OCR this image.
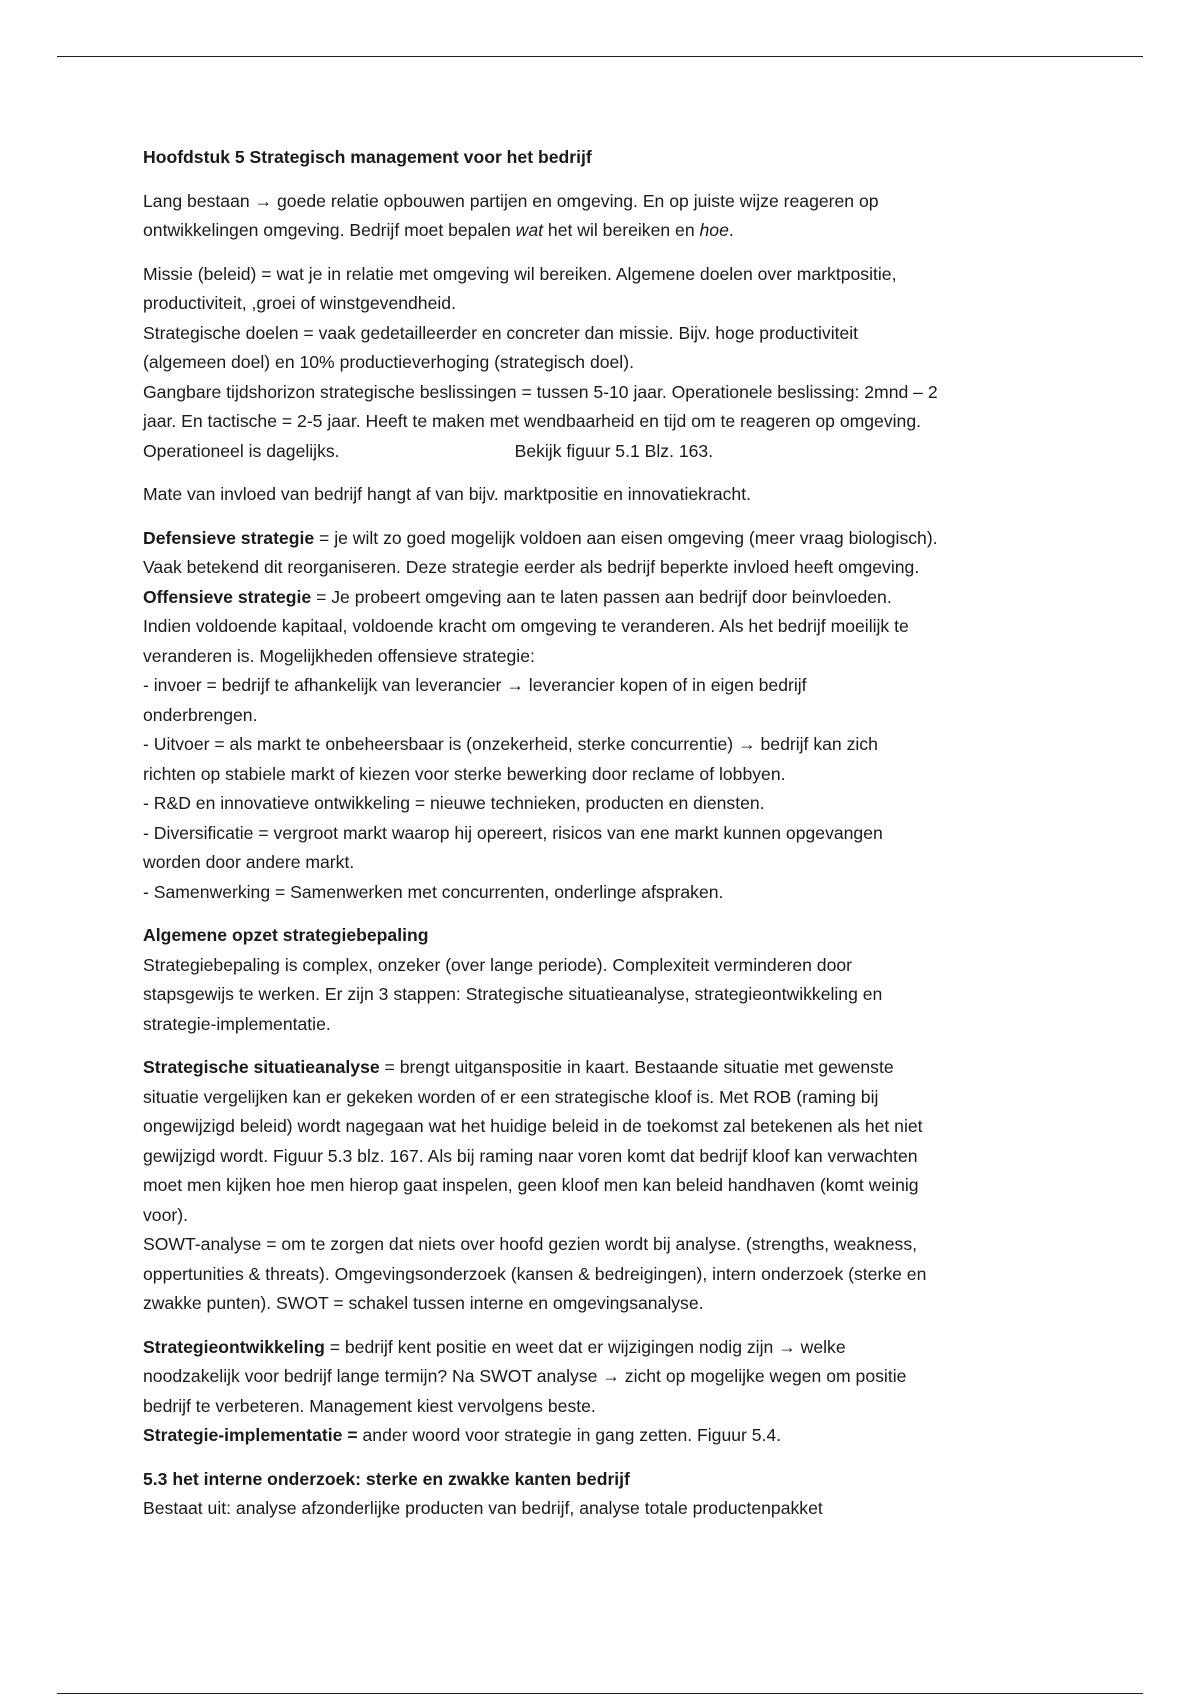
Hoofdstuk 5 Strategisch management voor het bedrijf

Lang bestaan → goede relatie opbouwen partijen en omgeving. En op juiste wijze reageren op
ontwikkelingen omgeving. Bedrijf moet bepalen wat het wil bereiken en hoe.

Missie (beleid) = wat je in relatie met omgeving wil bereiken. Algemene doelen over marktpositie,
productiviteit, ,groei of winstgevendheid.
Strategische doelen = vaak gedetailleerder en concreter dan missie. Bijv. hoge productiviteit
(algemeen doel) en 10% productieverhoging (strategisch doel).
Gangbare tijdshorizon strategische beslissingen = tussen 5-10 jaar. Operationele beslissing: 2mnd – 2
jaar. En tactische = 2-5 jaar. Heeft te maken met wendbaarheid en tijd om te reageren op omgeving.
Operationeel is dagelijks.	Bekijk figuur 5.1 Blz. 163.

Mate van invloed van bedrijf hangt af van bijv. marktpositie en innovatiekracht.

Defensieve strategie = je wilt zo goed mogelijk voldoen aan eisen omgeving (meer vraag biologisch).
Vaak betekend dit reorganiseren. Deze strategie eerder als bedrijf beperkte invloed heeft omgeving.
Offensieve strategie = Je probeert omgeving aan te laten passen aan bedrijf door beinvloeden.
Indien voldoende kapitaal, voldoende kracht om omgeving te veranderen. Als het bedrijf moeilijk te
veranderen is. Mogelijkheden offensieve strategie:
- invoer = bedrijf te afhankelijk van leverancier → leverancier kopen of in eigen bedrijf
onderbrengen.
- Uitvoer = als markt te onbeheersbaar is (onzekerheid, sterke concurrentie) → bedrijf kan zich
richten op stabiele markt of kiezen voor sterke bewerking door reclame of lobbyen.
- R&D en innovatieve ontwikkeling = nieuwe technieken, producten en diensten.
- Diversificatie = vergroot markt waarop hij opereert, risicos van ene markt kunnen opgevangen
worden door andere markt.
- Samenwerking = Samenwerken met concurrenten, onderlinge afspraken.

Algemene opzet strategiebepaling
Strategiebepaling is complex, onzeker (over lange periode). Complexiteit verminderen door
stapsgewijs te werken. Er zijn 3 stappen: Strategische situatieanalyse, strategieontwikkeling en
strategie-implementatie.

Strategische situatieanalyse = brengt uitganspositie in kaart. Bestaande situatie met gewenste
situatie vergelijken kan er gekeken worden of er een strategische kloof is. Met ROB (raming bij
ongewijzigd beleid) wordt nagegaan wat het huidige beleid in de toekomst zal betekenen als het niet
gewijzigd wordt. Figuur 5.3 blz. 167. Als bij raming naar voren komt dat bedrijf kloof kan verwachten
moet men kijken hoe men hierop gaat inspelen, geen kloof men kan beleid handhaven (komt weinig
voor).
SOWT-analyse = om te zorgen dat niets over hoofd gezien wordt bij analyse. (strengths, weakness,
oppertunities & threats). Omgevingsonderzoek (kansen & bedreigingen), intern onderzoek (sterke en
zwakke punten). SWOT = schakel tussen interne en omgevingsanalyse.

Strategieontwikkeling = bedrijf kent positie en weet dat er wijzigingen nodig zijn → welke
noodzakelijk voor bedrijf lange termijn? Na SWOT analyse → zicht op mogelijke wegen om positie
bedrijf te verbeteren. Management kiest vervolgens beste.
Strategie-implementatie = ander woord voor strategie in gang zetten. Figuur 5.4.

5.3 het interne onderzoek: sterke en zwakke kanten bedrijf
Bestaat uit: analyse afzonderlijke producten van bedrijf, analyse totale productenpakket
